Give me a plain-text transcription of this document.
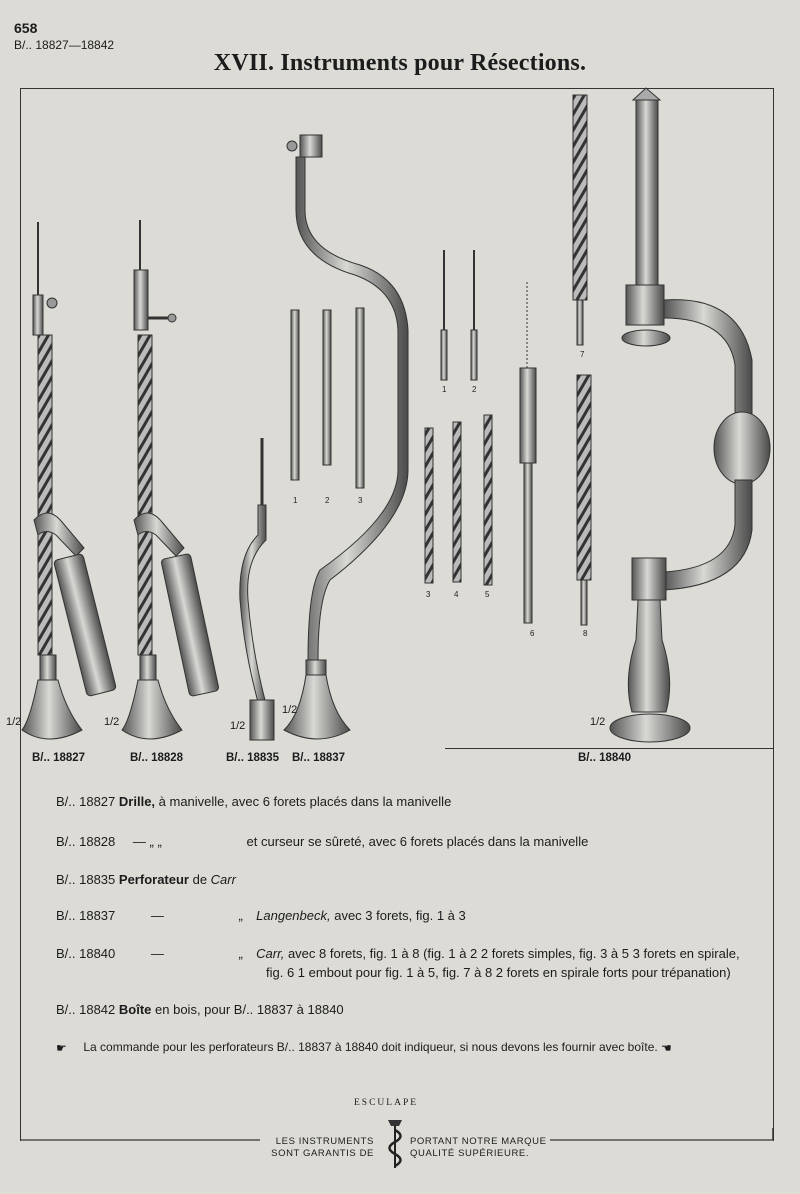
658
B/.. 18827—18842
XVII. Instruments pour Résections.
1	2	3
1	2
3	4	5
6
7
8
1/2	1/2	1/2
1/2
1/2
B/.. 18827	B/.. 18828	B/.. 18835 B/.. 18837	B/.. 18840
B/.. 18827 Drille, à manivelle, avec 6 forets placés dans la manivelle
B/.. 18828 — „ „	et curseur se sûreté, avec 6 forets placés dans la manivelle
B/.. 18835 Perforateur de Carr
B/.. 18837	—	„ Langenbeck, avec 3 forets, fig. 1 à 3
B/.. 18840	—	„ Carr, avec 8 forets, fig. 1 à 8 (fig. 1 à 2 2 forets simples, fig. 3 à 5 3 forets en spirale,
fig. 6 1 embout pour fig. 1 à 5, fig. 7 à 8 2 forets en spirale forts pour trépanation)
B/.. 18842 Boîte en bois, pour B/.. 18837 à 18840
☛ La commande pour les perforateurs B/.. 18837 à 18840 doit indiqueur, si nous devons les fournir avec boîte. ☚
ESCULAPE
LES INSTRUMENTS
SONT GARANTIS DE
PORTANT NOTRE MARQUE
QUALITÉ SUPÉRIEURE.
